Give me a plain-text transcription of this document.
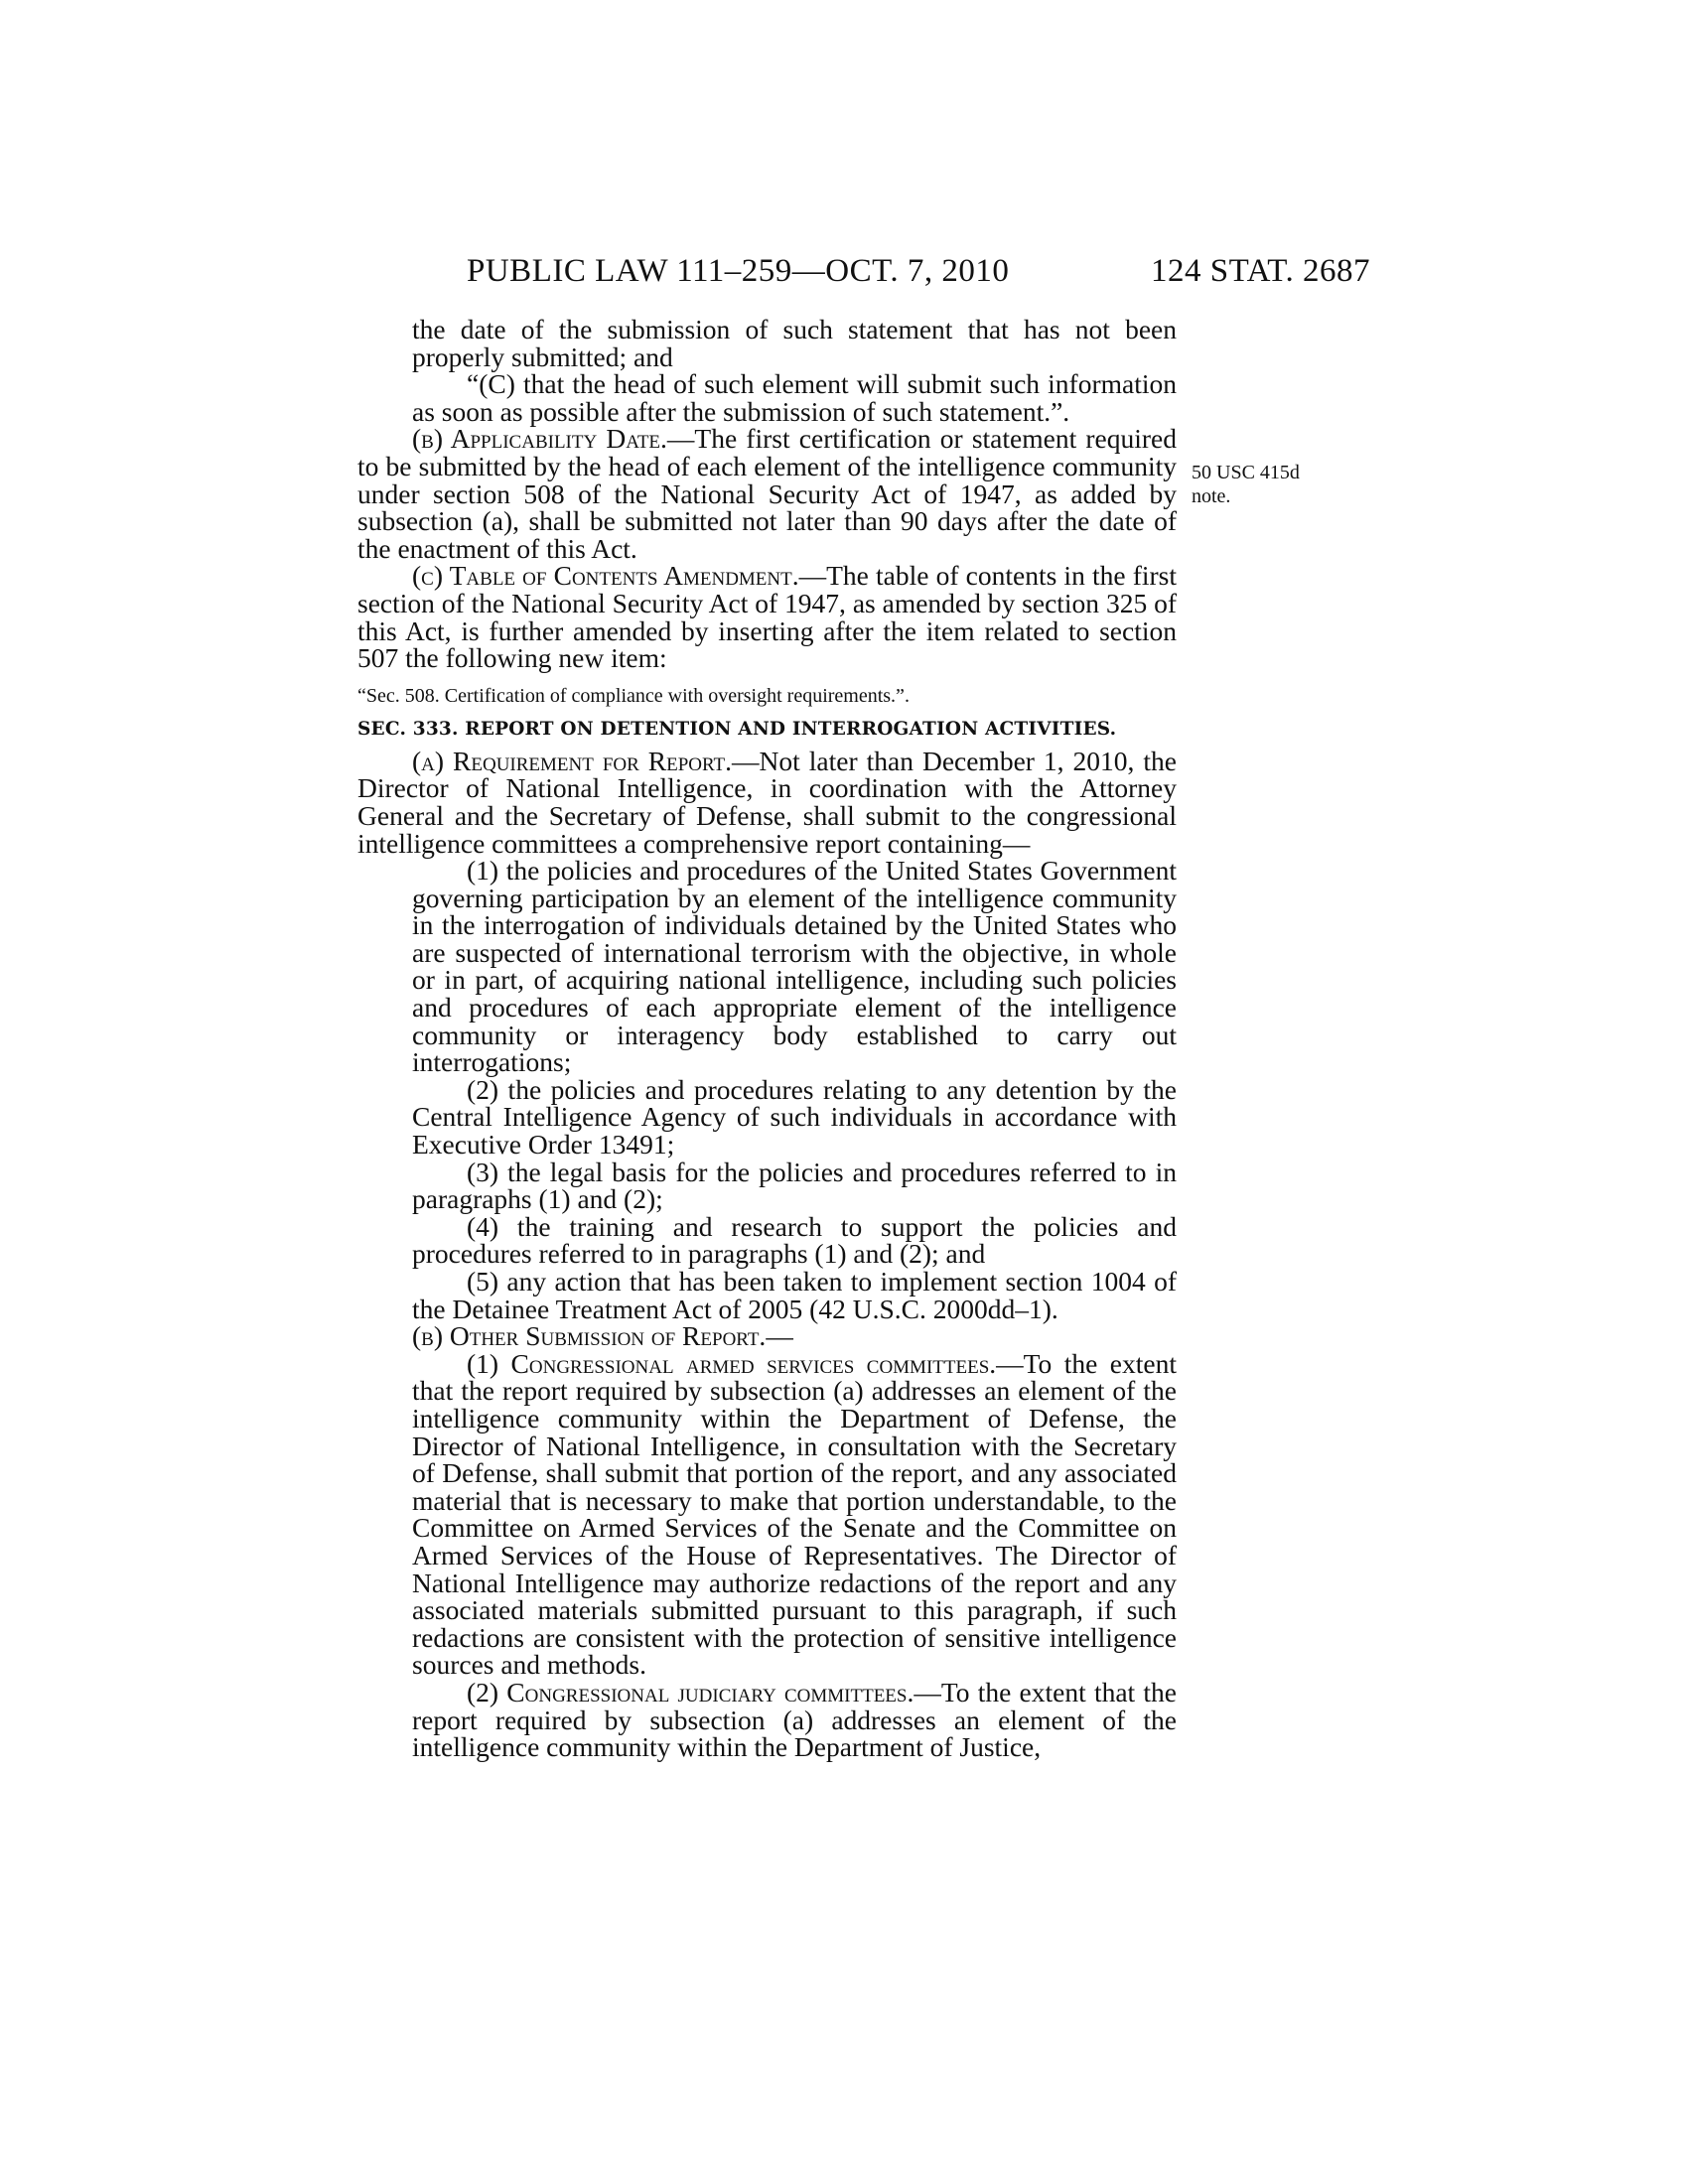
PUBLIC LAW 111–259—OCT. 7, 2010	124 STAT. 2687
50 USC 415d
note.

the date of the submission of such statement that has not been properly submitted; and

“(C) that the head of such element will submit such information as soon as possible after the submission of such statement.”.

(b) Applicability Date.—The first certification or statement required to be submitted by the head of each element of the intelligence community under section 508 of the National Security Act of 1947, as added by subsection (a), shall be submitted not later than 90 days after the date of the enactment of this Act.

(c) Table of Contents Amendment.—The table of contents in the first section of the National Security Act of 1947, as amended by section 325 of this Act, is further amended by inserting after the item related to section 507 the following new item:

“Sec. 508. Certification of compliance with oversight requirements.”.

SEC. 333. REPORT ON DETENTION AND INTERROGATION ACTIVITIES.

(a) Requirement for Report.—Not later than December 1, 2010, the Director of National Intelligence, in coordination with the Attorney General and the Secretary of Defense, shall submit to the congressional intelligence committees a comprehensive report containing—

(1) the policies and procedures of the United States Government governing participation by an element of the intelligence community in the interrogation of individuals detained by the United States who are suspected of international terrorism with the objective, in whole or in part, of acquiring national intelligence, including such policies and procedures of each appropriate element of the intelligence community or interagency body established to carry out interrogations;

(2) the policies and procedures relating to any detention by the Central Intelligence Agency of such individuals in accordance with Executive Order 13491;

(3) the legal basis for the policies and procedures referred to in paragraphs (1) and (2);

(4) the training and research to support the policies and procedures referred to in paragraphs (1) and (2); and

(5) any action that has been taken to implement section 1004 of the Detainee Treatment Act of 2005 (42 U.S.C. 2000dd–1).

(b) Other Submission of Report.—

(1) Congressional armed services committees.—To the extent that the report required by subsection (a) addresses an element of the intelligence community within the Department of Defense, the Director of National Intelligence, in consultation with the Secretary of Defense, shall submit that portion of the report, and any associated material that is necessary to make that portion understandable, to the Committee on Armed Services of the Senate and the Committee on Armed Services of the House of Representatives. The Director of National Intelligence may authorize redactions of the report and any associated materials submitted pursuant to this paragraph, if such redactions are consistent with the protection of sensitive intelligence sources and methods.

(2) Congressional judiciary committees.—To the extent that the report required by subsection (a) addresses an element of the intelligence community within the Department of Justice,
